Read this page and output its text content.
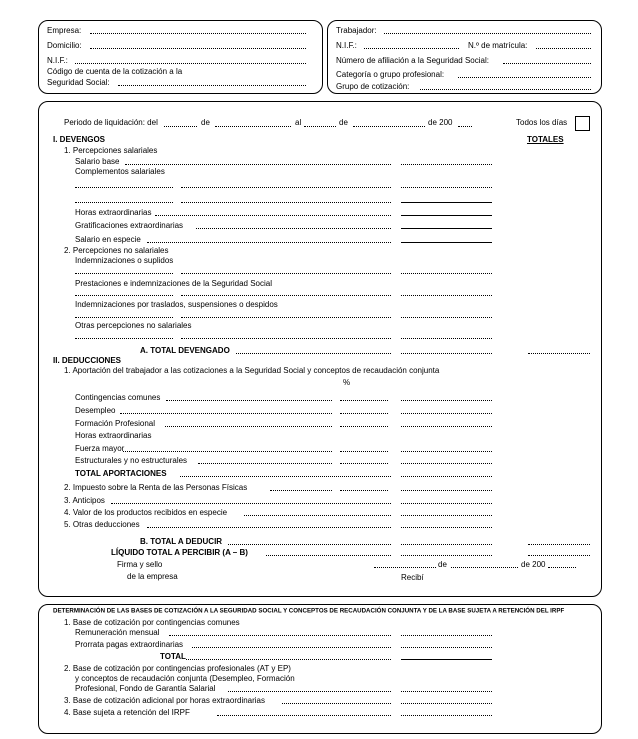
Empresa:
Domicilio:
N.I.F.:
Código de cuenta de la cotización a la
Seguridad Social:
Trabajador:
N.I.F.:	N.º de matrícula:
Número de afiliación a la Seguridad Social:
Categoría o grupo profesional:
Grupo de cotización:
Periodo de liquidación: del	de	al	de	de 200	Todos los días
I. DEVENGOS	TOTALES
1. Percepciones salariales
Salario base
Complementos salariales
Horas extraordinarias
Gratificaciones extraordinarias
Salario en especie
2. Percepciones no salariales
Indemnizaciones o suplidos
Prestaciones e indemnizaciones de la Seguridad Social
Indemnizaciones por traslados, suspensiones o despidos
Otras percepciones no salariales
A. TOTAL DEVENGADO
II. DEDUCCIONES
1. Aportación del trabajador a las cotizaciones a la Seguridad Social y conceptos de recaudación conjunta
%
Contingencias comunes
Desempleo
Formación Profesional
Horas extraordinarias
Fuerza mayor
Estructurales y no estructurales
TOTAL APORTACIONES
2. Impuesto sobre la Renta de las Personas Físicas
3. Anticipos
4. Valor de los productos recibidos en especie
5. Otras deducciones
B. TOTAL A DEDUCIR
LÍQUIDO TOTAL A PERCIBIR (A – B)
Firma y sello
de la empresa
de	de 200
Recibí
DETERMINACIÓN DE LAS BASES DE COTIZACIÓN A LA SEGURIDAD SOCIAL Y CONCEPTOS DE RECAUDACIÓN CONJUNTA Y DE LA BASE SUJETA A RETENCIÓN DEL IRPF
1. Base de cotización por contingencias comunes
Remuneración mensual
Prorrata pagas extraordinarias
TOTAL
2. Base de cotización por contingencias profesionales (AT y EP)
y conceptos de recaudación conjunta (Desempleo, Formación
Profesional, Fondo de Garantía Salarial
3. Base de cotización adicional por horas extraordinarias
4. Base sujeta a retención del IRPF
